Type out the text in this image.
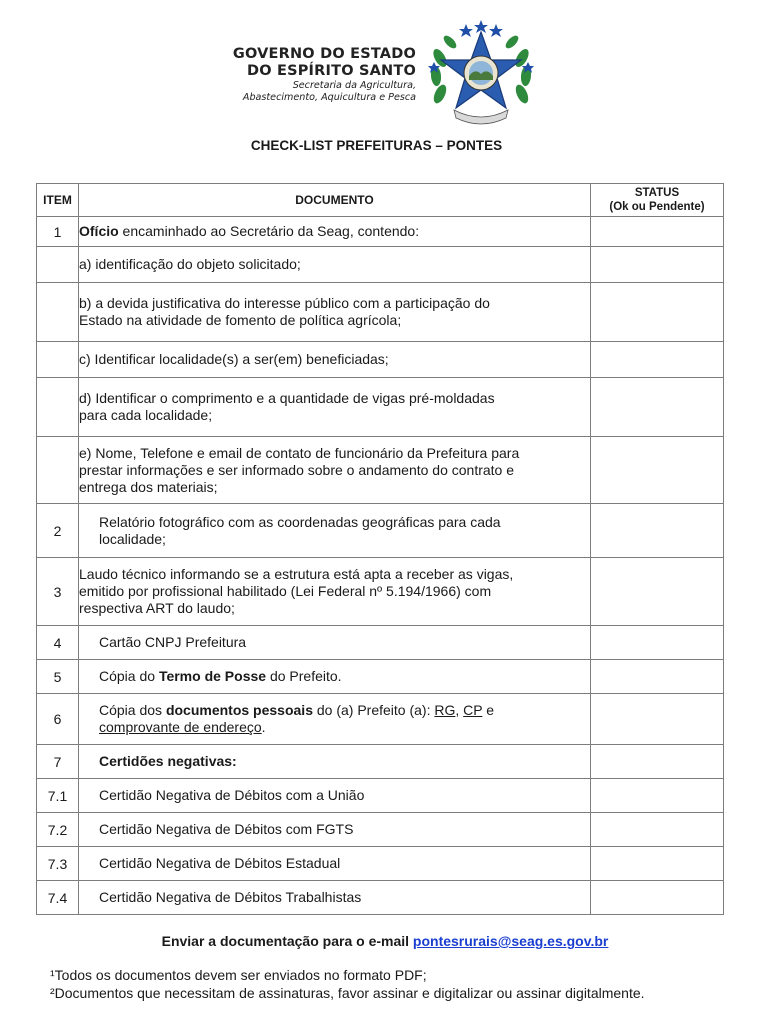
GOVERNO DO ESTADO
DO ESPÍRITO SANTO
Secretaria da Agricultura,
Abastecimento, Aquicultura e Pesca
CHECK-LIST PREFEITURAS – PONTES
ITEM	DOCUMENTO	STATUS
(Ok ou Pendente)
1	Ofício encaminhado ao Secretário da Seag, contendo:	
	a) identificação do objeto solicitado;	
	b) a devida justificativa do interesse público com a participação do
Estado na atividade de fomento de política agrícola;	
	c) Identificar localidade(s) a ser(em) beneficiadas;	
	d) Identificar o comprimento e a quantidade de vigas pré-moldadas
para cada localidade;	
	e) Nome, Telefone e email de contato de funcionário da Prefeitura para
prestar informações e ser informado sobre o andamento do contrato e
entrega dos materiais;	
2	Relatório fotográfico com as coordenadas geográficas para cada
localidade;	
3	Laudo técnico informando se a estrutura está apta a receber as vigas,
emitido por profissional habilitado (Lei Federal nº 5.194/1966) com
respectiva ART do laudo;	
4	Cartão CNPJ Prefeitura	
5	Cópia do Termo de Posse do Prefeito.	
6	Cópia dos documentos pessoais do (a) Prefeito (a): RG, CP e
comprovante de endereço.	
7	Certidões negativas:	
7.1	Certidão Negativa de Débitos com a União	
7.2	Certidão Negativa de Débitos com FGTS	
7.3	Certidão Negativa de Débitos Estadual	
7.4	Certidão Negativa de Débitos Trabalhistas	
Enviar a documentação para o e-mail pontesrurais@seag.es.gov.br
¹Todos os documentos devem ser enviados no formato PDF;
²Documentos que necessitam de assinaturas, favor assinar e digitalizar ou assinar digitalmente.
